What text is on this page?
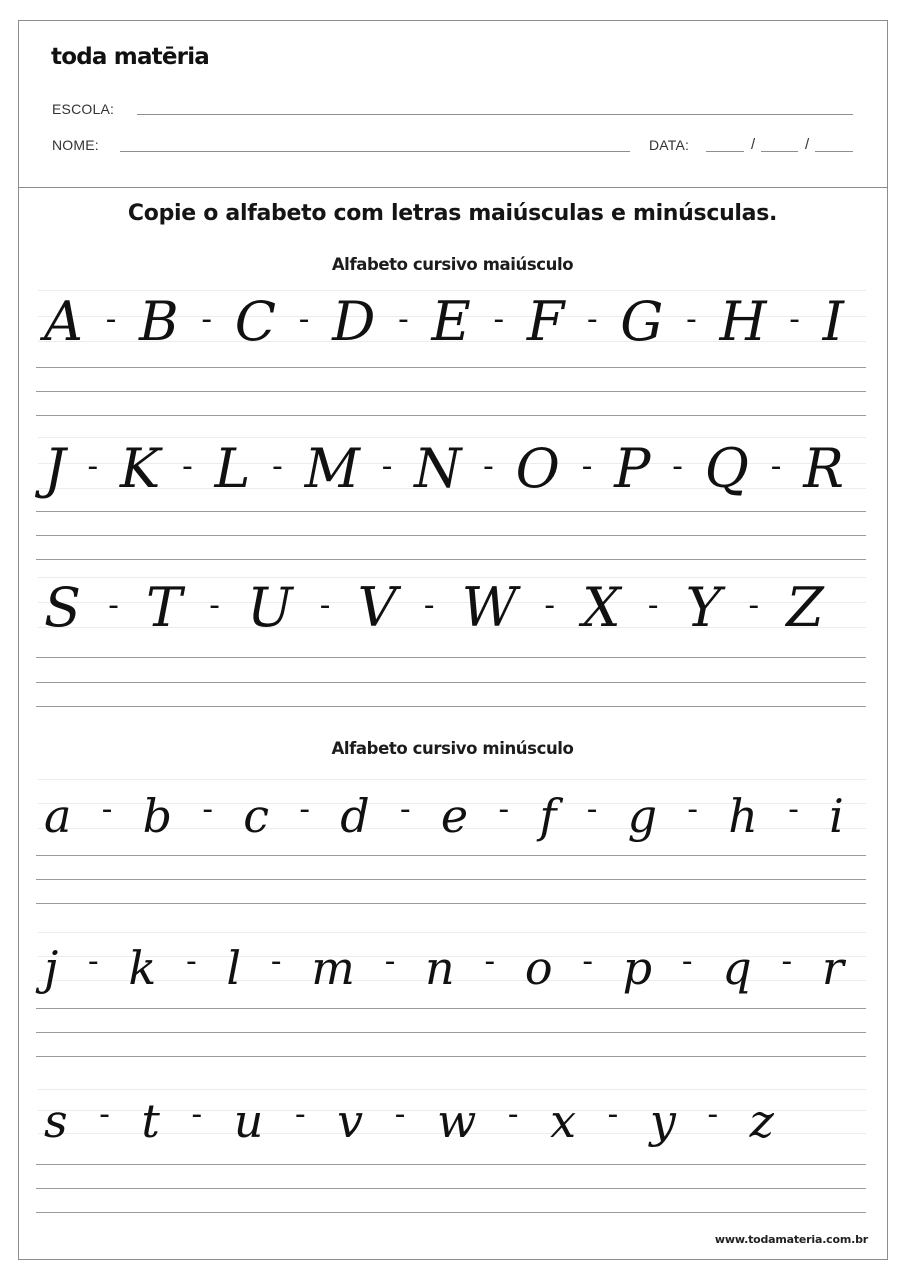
toda matēria
ESCOLA:
NOME:	DATA:	/	/
Copie o alfabeto com letras maiúsculas e minúsculas.
Alfabeto cursivo maiúsculo
A - B - C - D - E - F - G - H - I
J - K - L - M - N - O - P - Q - R
S - T - U - V - W - X - Y - Z
Alfabeto cursivo minúsculo
a - b - c - d - e - f - g - h - i
j - k - l - m - n - o - p - q - r
s - t - u - v - w - x - y - z
www.todamateria.com.br
